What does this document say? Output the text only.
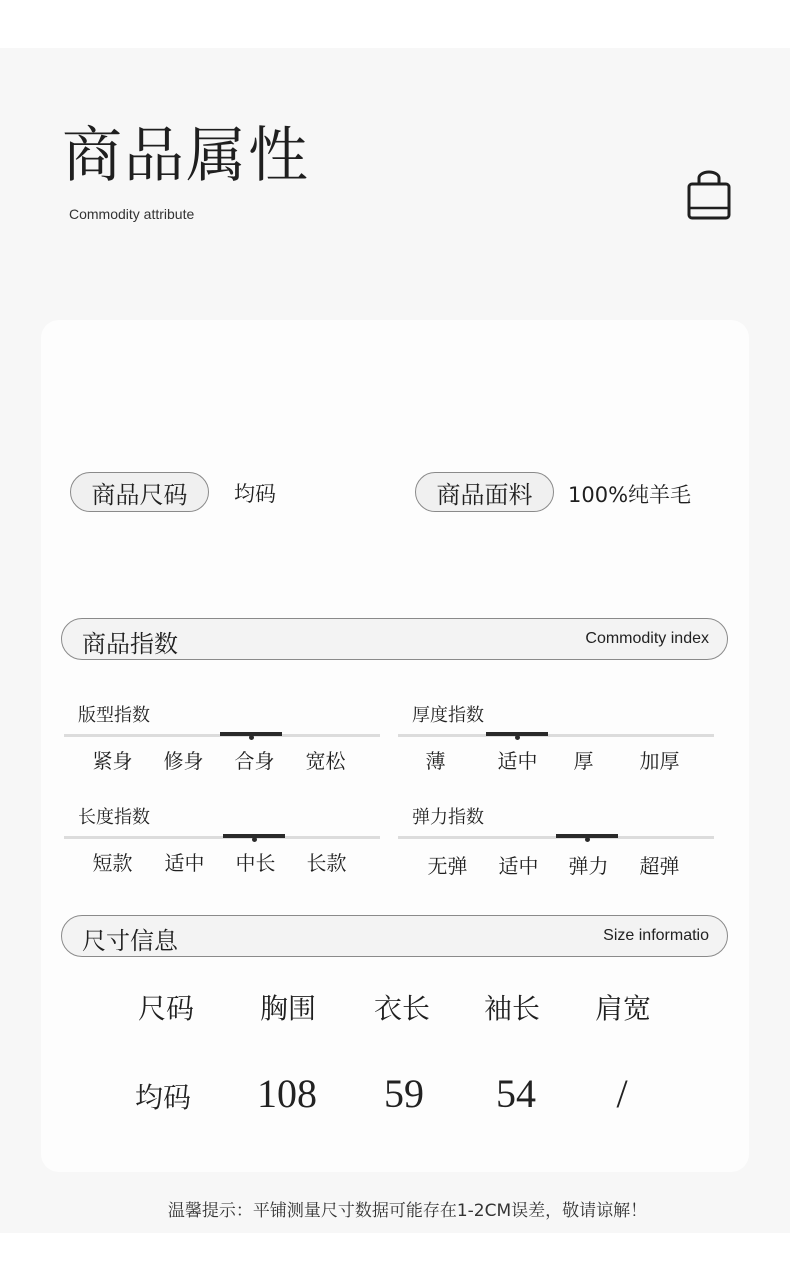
商品属性
Commodity attribute
商品尺码	均码	商品面料	100%纯羊毛
商品指数	Commodity index
版型指数
紧身	修身	合身	宽松
厚度指数
薄	适中	厚	加厚
长度指数
短款	适中	中长	长款
弹力指数
无弹	适中	弹力	超弹
尺寸信息	Size informatio
尺码	胸围	衣长	袖长	肩宽
均码	108	59	54	/
温馨提示：平铺测量尺寸数据可能存在1-2CM误差，敬请谅解！
